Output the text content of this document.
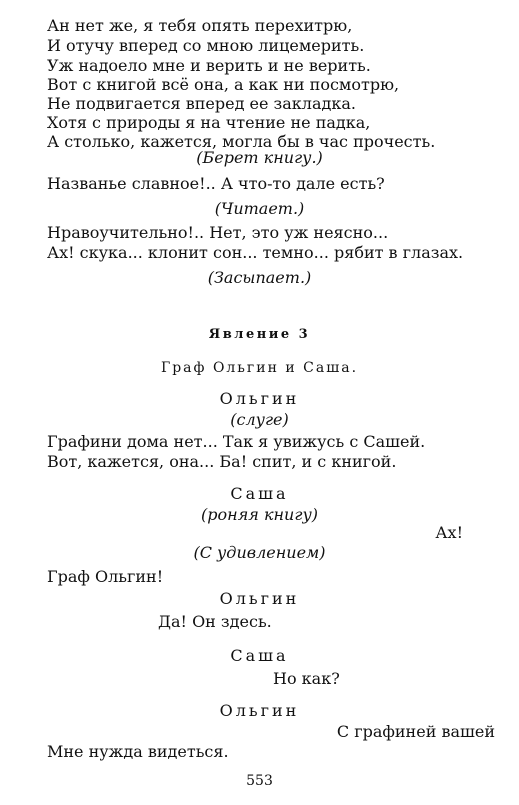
Ан нет же, я тебя опять перехитрю,
И отучу вперед со мною лицемерить.
Уж надоело мне и верить и не верить.
Вот с книгой всё она, а как ни посмотрю,
Не подвигается вперед ее закладка.
Хотя с природы я на чтение не падка,
А столько, кажется, могла бы в час прочесть.
(Берет книгу.)
Названье славное!.. А что-то дале есть?
(Читает.)
Нравоучительно!.. Нет, это уж неясно...
Ах! скука... клонит сон... темно... рябит в глазах.
(Засыпает.)
Явление 3
Граф Ольгин и Саша.
Ольгин
(слуге)
Графини дома нет... Так я увижусь с Сашей.
Вот, кажется, она... Ба! спит, и с книгой.
Саша
(роняя книгу)
Ах!
(С удивлением)
Граф Ольгин!
Ольгин
Да! Он здесь.
Саша
Но как?
Ольгин
С графиней вашей
Мне нужда видеться.
553
